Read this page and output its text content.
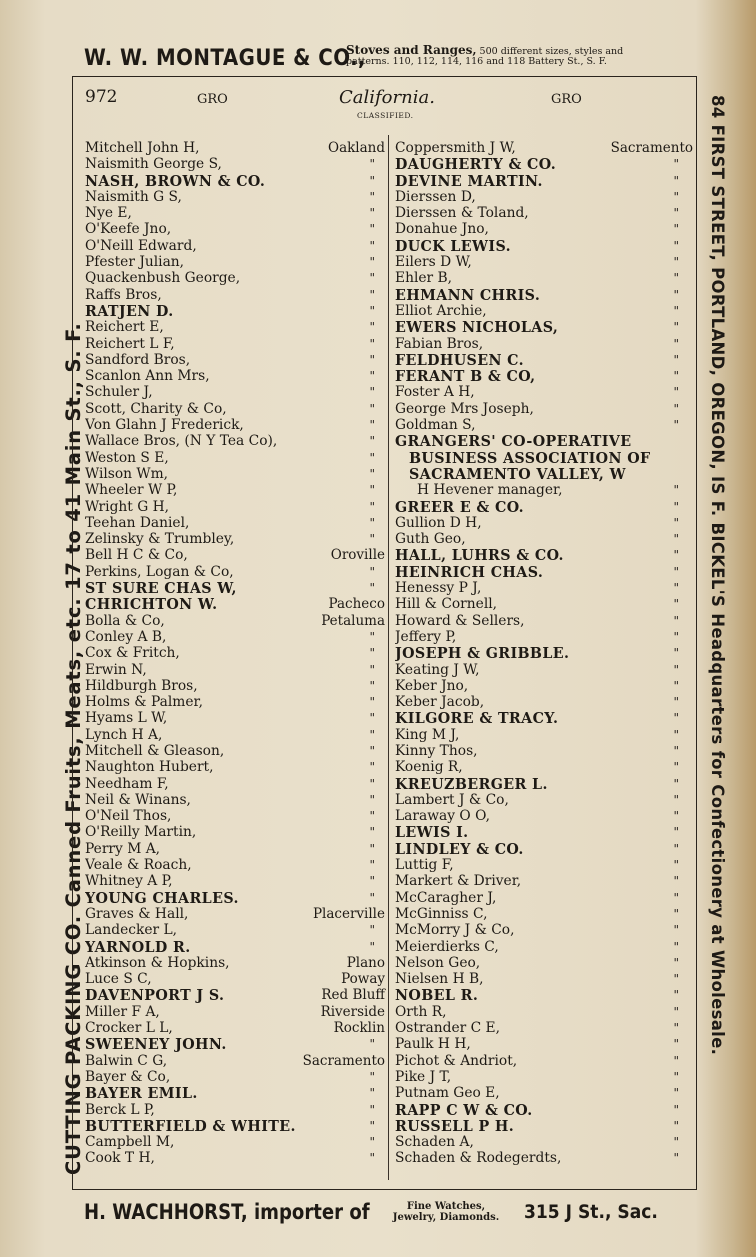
W. W. MONTAGUE & CO.,
Stoves and Ranges, 500 different sizes, styles and
patterns. 110, 112, 114, 116 and 118 Battery St., S. F.
CUTTING PACKING CO. Canned Fruits, Meats, etc. 17 to 41 Main St., S. F.	84 FIRST STREET, PORTLAND, OREGON, IS F. BICKEL'S Headquarters for Confectionery at Wholesale.
972	GRO	California.
CLASSIFIED.
GRO
Mitchell John H,	Oakland
Naismith George S,	"
NASH, BROWN & CO.	"
Naismith G S,	"
Nye E,	"
O'Keefe Jno,	"
O'Neill Edward,	"
Pfester Julian,	"
Quackenbush George,	"
Raffs Bros,	"
RATJEN D.	"
Reichert E,	"
Reichert L F,	"
Sandford Bros,	"
Scanlon Ann Mrs,	"
Schuler J,	"
Scott, Charity & Co,	"
Von Glahn J Frederick,	"
Wallace Bros, (N Y Tea Co),	"
Weston S E,	"
Wilson Wm,	"
Wheeler W P,	"
Wright G H,	"
Teehan Daniel,	"
Zelinsky & Trumbley,	"
Bell H C & Co,	Oroville
Perkins, Logan & Co,	"
ST SURE CHAS W,	"
CHRICHTON W.	Pacheco
Bolla & Co,	Petaluma
Conley A B,	"
Cox & Fritch,	"
Erwin N,	"
Hildburgh Bros,	"
Holms & Palmer,	"
Hyams L W,	"
Lynch H A,	"
Mitchell & Gleason,	"
Naughton Hubert,	"
Needham F,	"
Neil & Winans,	"
O'Neil Thos,	"
O'Reilly Martin,	"
Perry M A,	"
Veale & Roach,	"
Whitney A P,	"
YOUNG CHARLES.	"
Graves & Hall,	Placerville
Landecker L,	"
YARNOLD R.	"
Atkinson & Hopkins,	Plano
Luce S C,	Poway
DAVENPORT J S.	Red Bluff
Miller F A,	Riverside
Crocker L L,	Rocklin
SWEENEY JOHN.	"
Balwin C G,	Sacramento
Bayer & Co,	"
BAYER EMIL.	"
Berck L P,	"
BUTTERFIELD & WHITE.	"
Campbell M,	"
Cook T H,	"
Coppersmith J W,	Sacramento
DAUGHERTY & CO.	"
DEVINE MARTIN.	"
Dierssen D,	"
Dierssen & Toland,	"
Donahue Jno,	"
DUCK LEWIS.	"
Eilers D W,	"
Ehler B,	"
EHMANN CHRIS.	"
Elliot Archie,	"
EWERS NICHOLAS,	"
Fabian Bros,	"
FELDHUSEN C.	"
FERANT B & CO,	"
Foster A H,	"
George Mrs Joseph,	"
Goldman S,	"
GRANGERS' CO-OPERATIVE
BUSINESS ASSOCIATION OF
SACRAMENTO VALLEY, W
H Hevener manager,	"
GREER E & CO.	"
Gullion D H,	"
Guth Geo,	"
HALL, LUHRS & CO.	"
HEINRICH CHAS.	"
Henessy P J,	"
Hill & Cornell,	"
Howard & Sellers,	"
Jeffery P,	"
JOSEPH & GRIBBLE.	"
Keating J W,	"
Keber Jno,	"
Keber Jacob,	"
KILGORE & TRACY.	"
King M J,	"
Kinny Thos,	"
Koenig R,	"
KREUZBERGER L.	"
Lambert J & Co,	"
Laraway O O,	"
LEWIS I.	"
LINDLEY & CO.	"
Luttig F,	"
Markert & Driver,	"
McCaragher J,	"
McGinniss C,	"
McMorry J & Co,	"
Meierdierks C,	"
Nelson Geo,	"
Nielsen H B,	"
NOBEL R.	"
Orth R,	"
Ostrander C E,	"
Paulk H H,	"
Pichot & Andriot,	"
Pike J T,	"
Putnam Geo E,	"
RAPP C W & CO.	"
RUSSELL P H.	"
Schaden A,	"
Schaden & Rodegerdts,	"
H. WACHHORST, importer of	Fine Watches,
Jewelry, Diamonds.	315 J St., Sac.
